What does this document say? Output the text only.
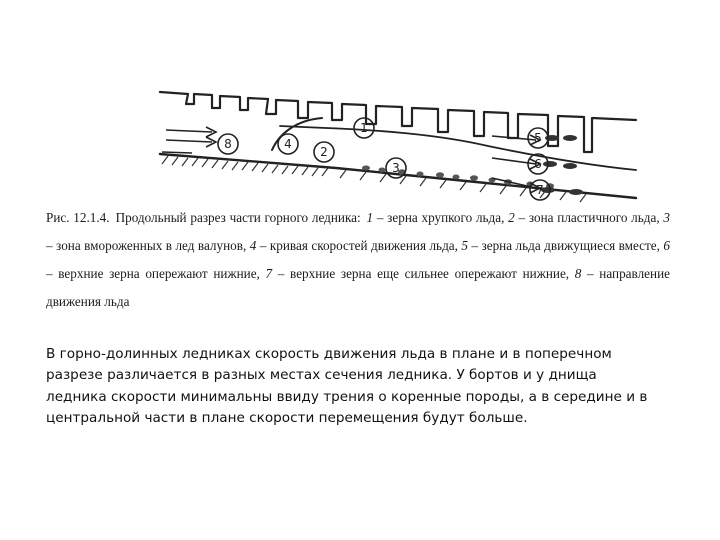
1
2
3
4	5
6
7
8
Рис. 12.1.4. Продольный разрез части горного ледника: 1 – зерна хрупкого льда, 2 – зона пластичного льда, 3 – зона вмороженных в лед валунов, 4 – кривая скоростей движения льда, 5 – зерна льда движущиеся вместе, 6 – верхние зерна опережают нижние, 7 – верхние зерна еще сильнее опережают нижние, 8 – направление движения льда
В горно-долинных ледниках скорость движения льда в плане и в поперечном разрезе различается в разных местах сечения ледника. У бортов и у днища ледника скорости минимальны ввиду трения о коренные породы, а в середине и в центральной части в плане скорости перемещения будут больше.
